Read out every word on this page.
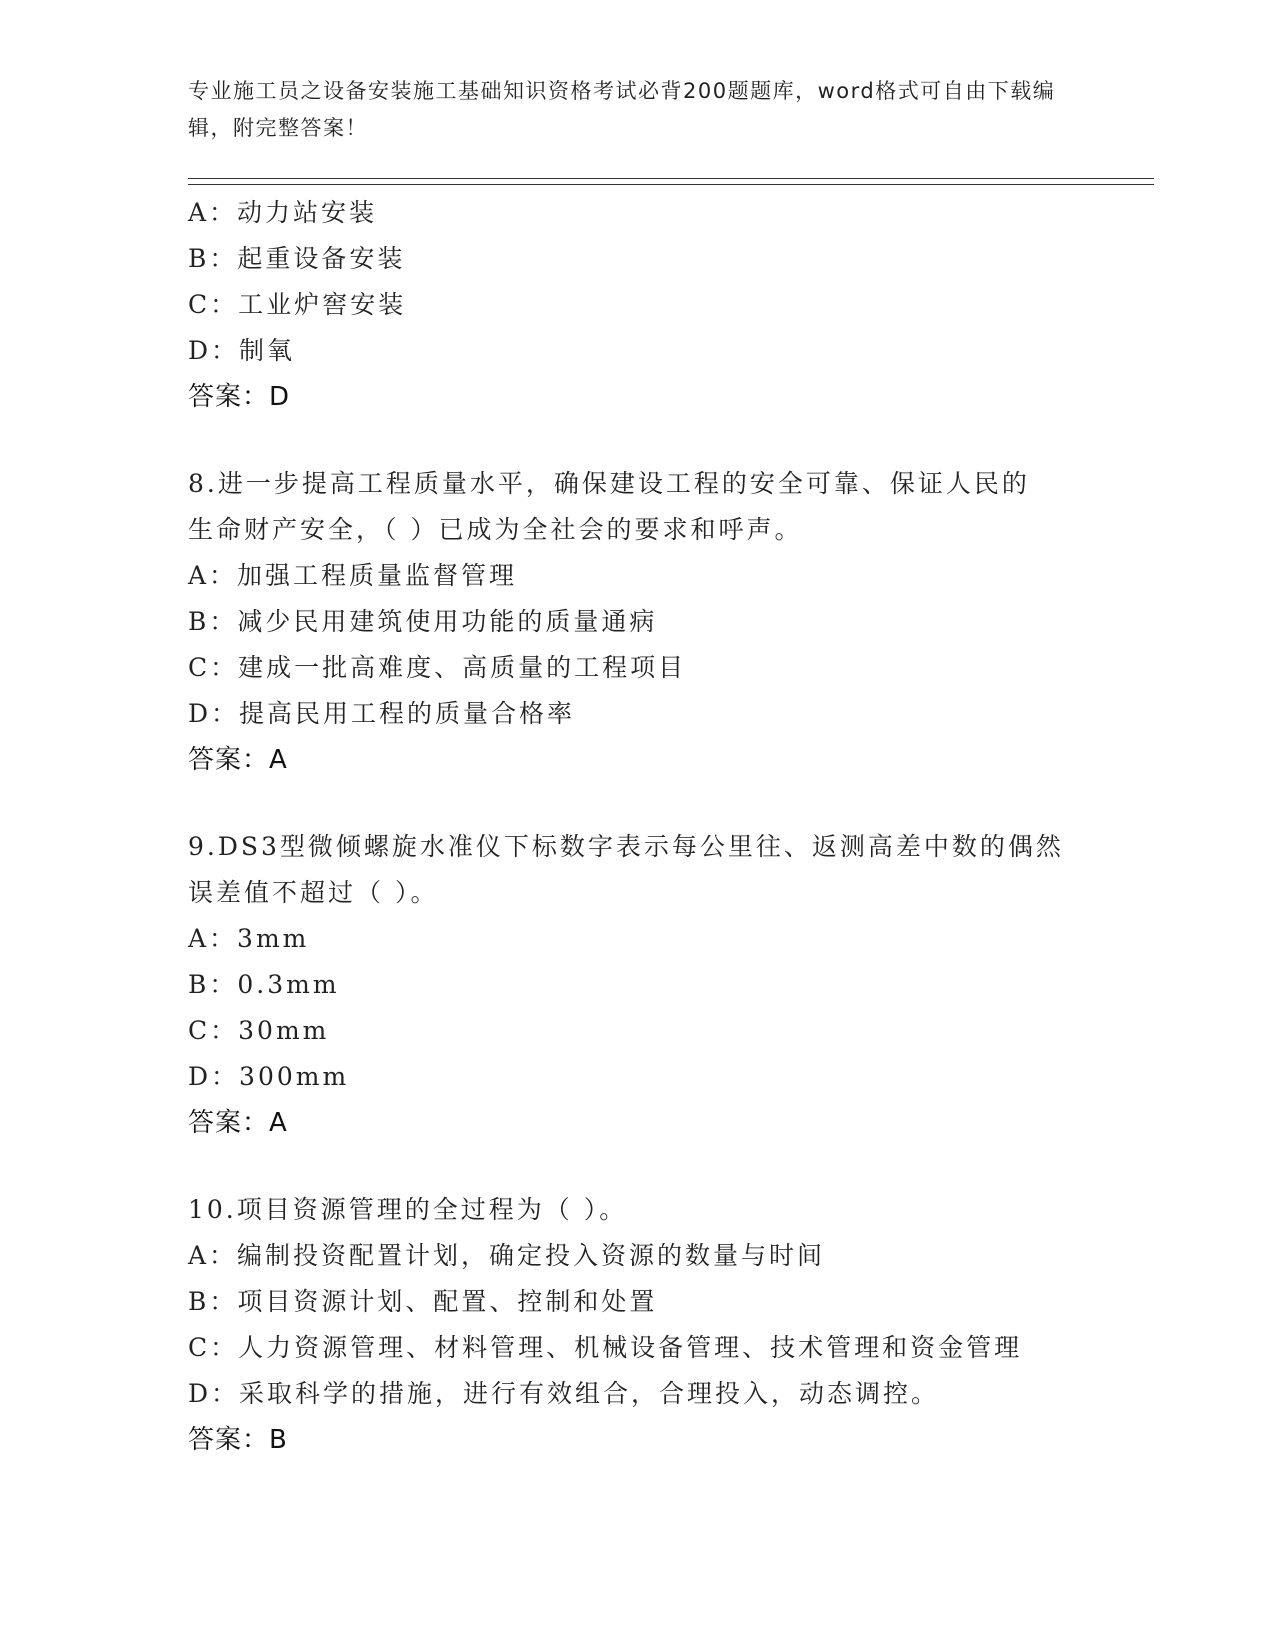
专业施工员之设备安装施工基础知识资格考试必背200题题库，word格式可自由下载编辑，附完整答案！
A：动力站安装
B：起重设备安装
C：工业炉窖安装
D：制氧
答案：D
8.进一步提高工程质量水平，确保建设工程的安全可靠、保证人民的
生命财产安全，（ ）已成为全社会的要求和呼声。
A：加强工程质量监督管理
B：减少民用建筑使用功能的质量通病
C：建成一批高难度、高质量的工程项目
D：提高民用工程的质量合格率
答案：A
9.DS3型微倾螺旋水准仪下标数字表示每公里往、返测高差中数的偶然
误差值不超过（ ）。
A：3mm
B：0.3mm
C：30mm
D：300mm
答案：A
10.项目资源管理的全过程为（ ）。
A：编制投资配置计划，确定投入资源的数量与时间
B：项目资源计划、配置、控制和处置
C：人力资源管理、材料管理、机械设备管理、技术管理和资金管理
D：采取科学的措施，进行有效组合，合理投入，动态调控。
答案：B
